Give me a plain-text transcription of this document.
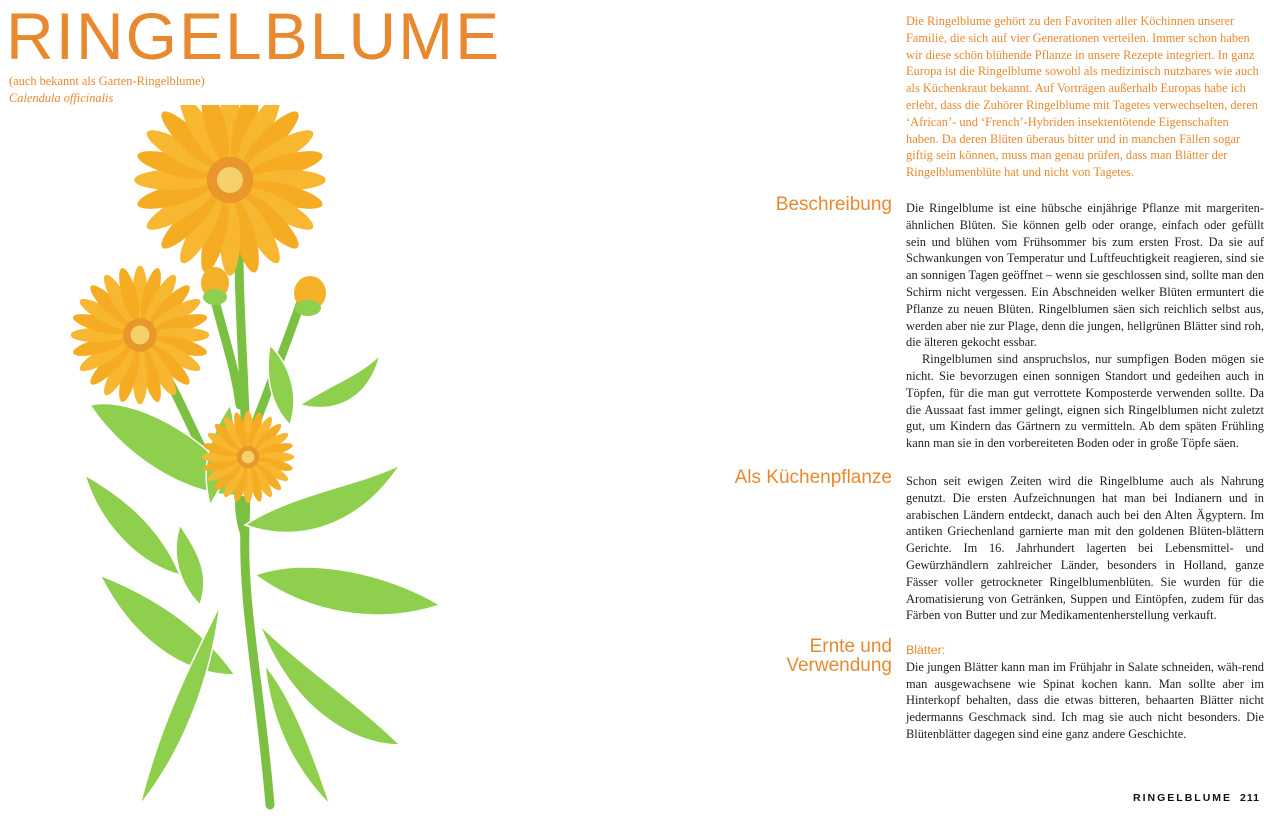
RINGELBLUME
(auch bekannt als Garten-Ringelblume)
Calendula officinalis

Die Ringelblume gehört zu den Favoriten aller Köchinnen unserer Familie, die sich auf vier Generationen verteilen. Immer schon haben wir diese schön blühende Pflanze in unsere Rezepte integriert. In ganz Europa ist die Ringelblume sowohl als medizinisch nutzbares wie auch als Küchenkraut bekannt. Auf Vorträgen außerhalb Europas habe ich erlebt, dass die Zuhörer Ringelblume mit Tagetes verwechselten, deren ‘African’- und ‘French’-Hybriden insektentötende Eigenschaften haben. Da deren Blüten überaus bitter und in manchen Fällen sogar giftig sein können, muss man genau prüfen, dass man Blätter der Ringelblumenblüte hat und nicht von Tagetes.

Beschreibung Die Ringelblume ist eine hübsche einjährige Pflanze mit margeriten-ähnlichen Blüten. Sie können gelb oder orange, einfach oder gefüllt sein und blühen vom Frühsommer bis zum ersten Frost. Da sie auf Schwankungen von Temperatur und Luftfeuchtigkeit reagieren, sind sie an sonnigen Tagen geöffnet – wenn sie geschlossen sind, sollte man den Schirm nicht vergessen. Ein Abschneiden welker Blüten ermuntert die Pflanze zu neuen Blüten. Ringelblumen säen sich reichlich selbst aus, werden aber nie zur Plage, denn die jungen, hellgrünen Blätter sind roh, die älteren gekocht essbar.

Ringelblumen sind anspruchslos, nur sumpfigen Boden mögen sie nicht. Sie bevorzugen einen sonnigen Standort und gedeihen auch in Töpfen, für die man gut verrottete Komposterde verwenden sollte. Da die Aussaat fast immer gelingt, eignen sich Ringelblumen nicht zuletzt gut, um Kindern das Gärtnern zu vermitteln. Ab dem späten Frühling kann man sie in den vorbereiteten Boden oder in große Töpfe säen.

Als Küchenpflanze Schon seit ewigen Zeiten wird die Ringelblume auch als Nahrung genutzt. Die ersten Aufzeichnungen hat man bei Indianern und in arabischen Ländern entdeckt, danach auch bei den Alten Ägyptern. Im antiken Griechenland garnierte man mit den goldenen Blüten-blättern Gerichte. Im 16. Jahrhundert lagerten bei Lebensmittel- und Gewürzhändlern zahlreicher Länder, besonders in Holland, ganze Fässer voller getrockneter Ringelblumenblüten. Sie wurden für die Aromatisierung von Getränken, Suppen und Eintöpfen, zudem für das Färben von Butter und zur Medikamentenherstellung verkauft.

Ernte und
Verwendung
Blätter:

Die jungen Blätter kann man im Frühjahr in Salate schneiden, wäh-rend man ausgewachsene wie Spinat kochen kann. Man sollte aber im Hinterkopf behalten, dass die etwas bitteren, behaarten Blätter nicht jedermanns Geschmack sind. Ich mag sie auch nicht besonders. Die Blütenblätter dagegen sind eine ganz andere Geschichte.

RINGELBLUME 211
